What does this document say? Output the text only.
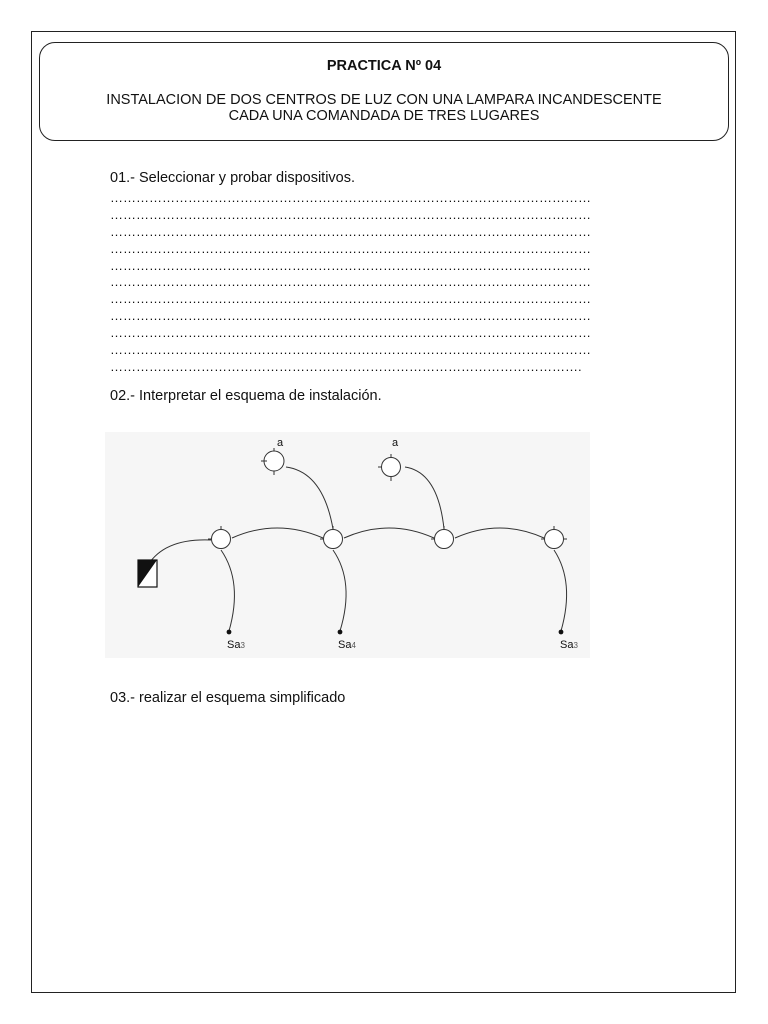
PRACTICA Nº 04
INSTALACION DE DOS CENTROS DE LUZ CON UNA LAMPARA INCANDESCENTE
CADA UNA COMANDADA DE TRES LUGARES
01.- Seleccionar y probar dispositivos.
…………………………………………………………………………………………………
…………………………………………………………………………………………………
…………………………………………………………………………………………………
…………………………………………………………………………………………………
…………………………………………………………………………………………………
…………………………………………………………………………………………………
…………………………………………………………………………………………………
…………………………………………………………………………………………………
…………………………………………………………………………………………………
…………………………………………………………………………………………………
……………………………………………………………………………………………….
02.- Interpretar el esquema de instalación.
a	a
Sa3	Sa4	Sa3
03.- realizar el esquema simplificado
